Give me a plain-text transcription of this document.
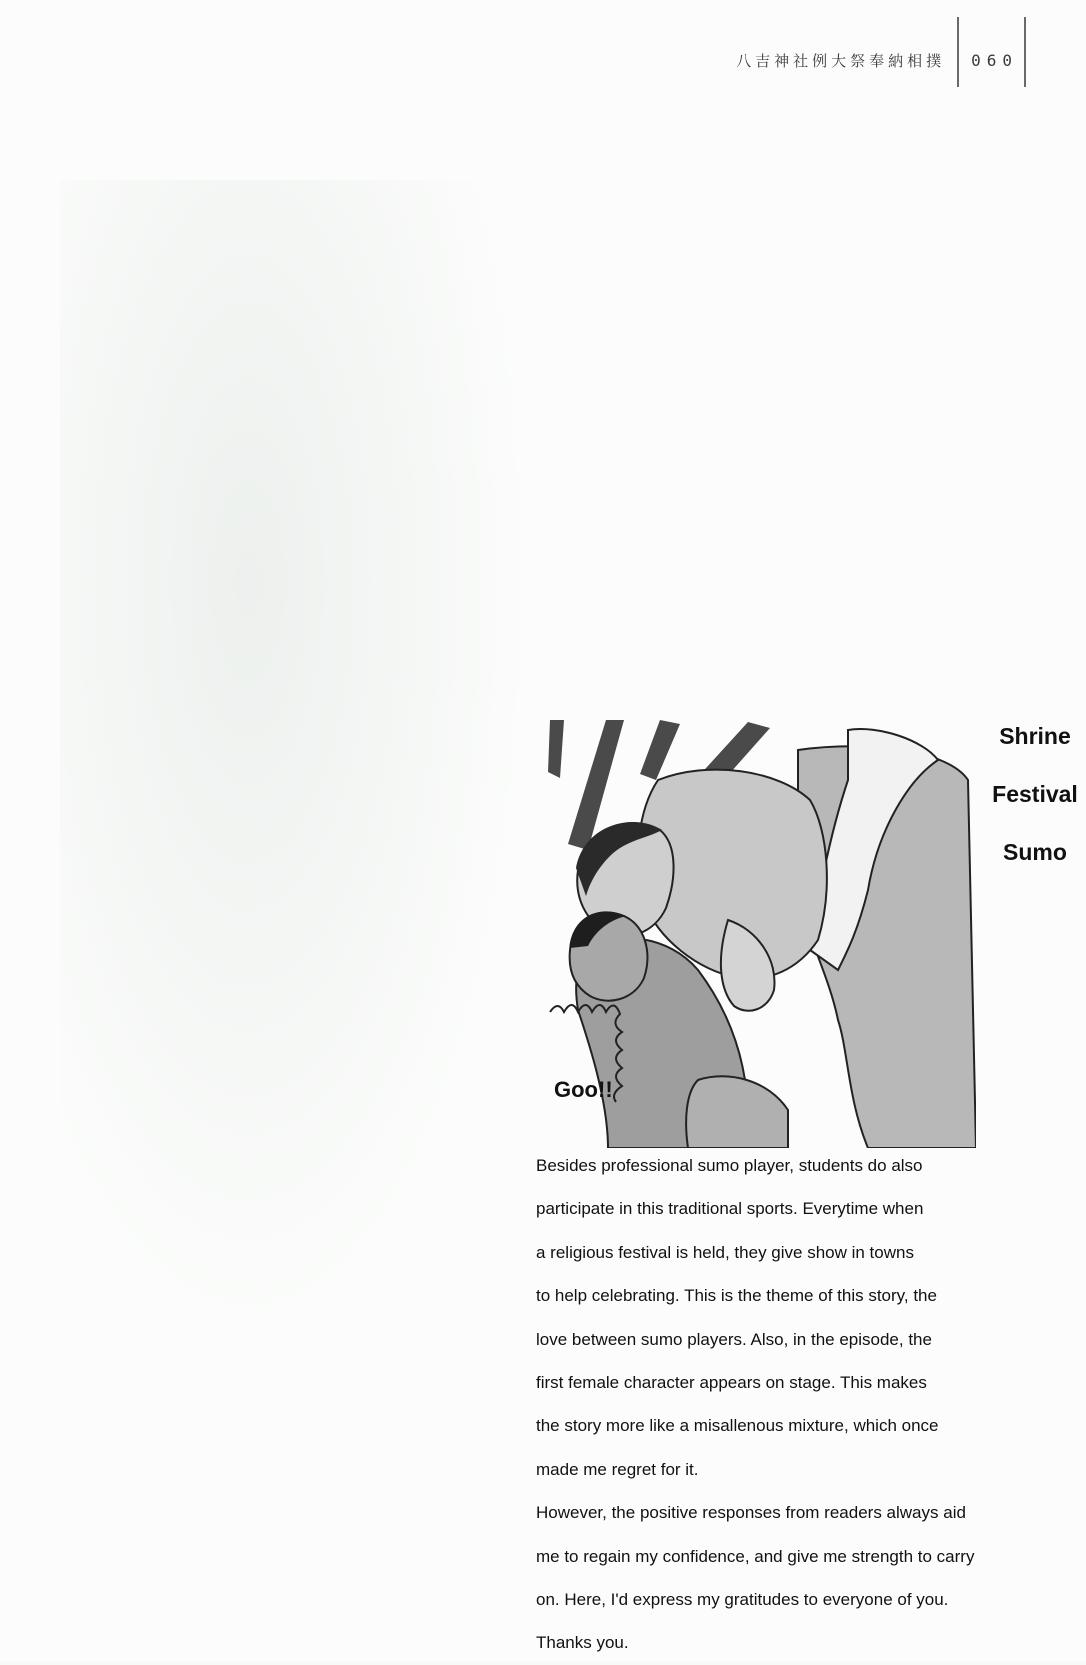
八吉神社例大祭奉納相撲 060
Shrine
Festival
Sumo
Goo!!

Besides professional sumo player, students do also

participate in this traditional sports. Everytime when

a religious festival is held, they give show in towns

to help celebrating. This is the theme of this story, the

love between sumo players. Also, in the episode, the

first female character appears on stage. This makes

the story more like a misallenous mixture, which once

made me regret for it.

However, the positive responses from readers always aid

me to regain my confidence, and give me strength to carry

on. Here, I'd express my gratitudes to everyone of you.

Thanks you.
